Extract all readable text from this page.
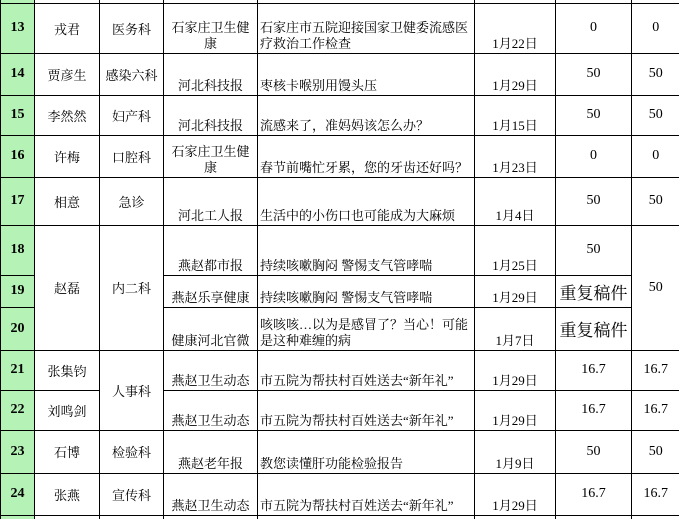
13	戎君	医务科	石家庄卫生健康	石家庄市五院迎接国家卫健委流感医疗救治工作检查	1月22日	0	0
14	贾彦生	感染六科	河北科技报	枣核卡喉别用馒头压	1月29日	50	50
15	李然然	妇产科	河北科技报	流感来了，准妈妈该怎么办？	1月15日	50	50
16	许梅	口腔科	石家庄卫生健康	春节前嘴忙牙累，您的牙齿还好吗？	1月23日	0	0
17	相意	急诊	河北工人报	生活中的小伤口也可能成为大麻烦	1月4日	50	50
18	赵磊	内二科	燕赵都市报	持续咳嗽胸闷 警惕支气管哮喘	1月25日	50	50
19			燕赵乐享健康	持续咳嗽胸闷 警惕支气管哮喘	1月29日	重复稿件	
20			健康河北官微	咳咳咳…以为是感冒了？当心！可能是这种难缠的病	1月7日	重复稿件	
21	张集钧	人事科	燕赵卫生动态	市五院为帮扶村百姓送去“新年礼”	1月29日	16.7	16.7
22	刘鸣剑		燕赵卫生动态	市五院为帮扶村百姓送去“新年礼”	1月29日	16.7	16.7
23	石博	检验科	燕赵老年报	教您读懂肝功能检验报告	1月9日	50	50
24	张燕	宣传科	燕赵卫生动态	市五院为帮扶村百姓送去“新年礼”	1月29日	16.7	16.7
